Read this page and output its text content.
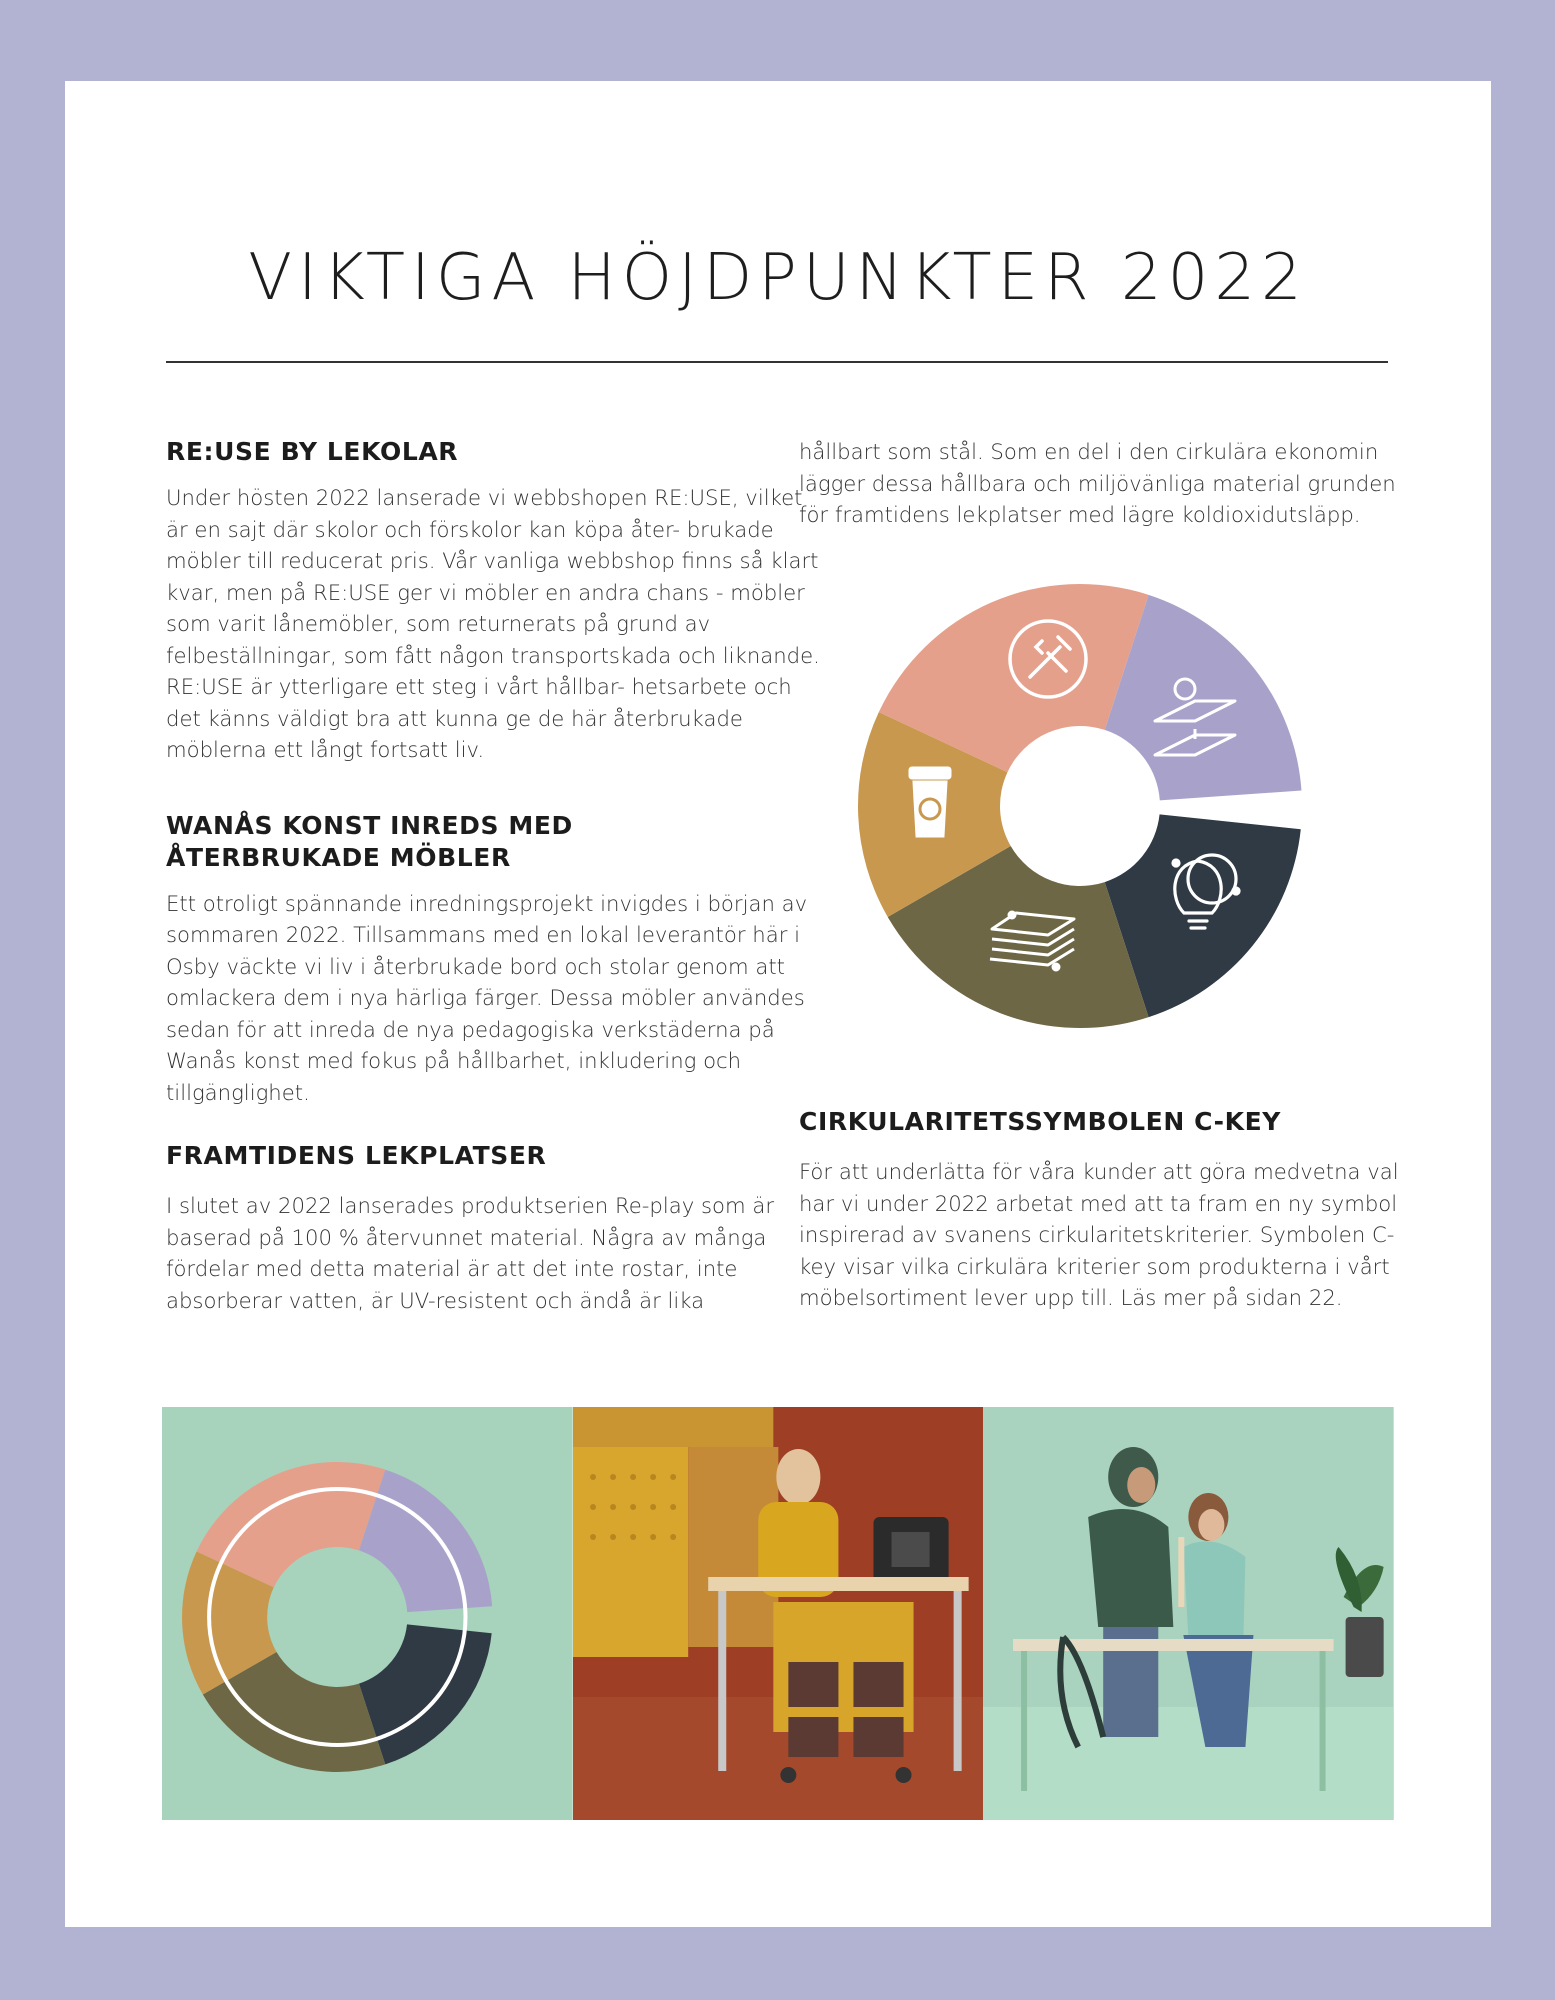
VIKTIGA HÖJDPUNKTER 2022
RE:USE BY LEKOLAR

Under hösten 2022 lanserade vi webbshopen RE:USE, vilket är en sajt där skolor och förskolor kan köpa åter- brukade möbler till reducerat pris. Vår vanliga webbshop finns så klart kvar, men på RE:USE ger vi möbler en andra chans - möbler som varit lånemöbler, som returnerats på grund av felbeställningar, som fått någon transportskada och liknande. RE:USE är ytterligare ett steg i vårt hållbar- hetsarbete och det känns väldigt bra att kunna ge de här återbrukade möblerna ett långt fortsatt liv.

WANÅS KONST INREDS MED ÅTERBRUKADE MÖBLER

Ett otroligt spännande inredningsprojekt invigdes i början av sommaren 2022. Tillsammans med en lokal leverantör här i Osby väckte vi liv i återbrukade bord och stolar genom att omlackera dem i nya härliga färger. Dessa möbler användes sedan för att inreda de nya pedagogiska verkstäderna på Wanås konst med fokus på hållbarhet, inkludering och tillgänglighet.

FRAMTIDENS LEKPLATSER

I slutet av 2022 lanserades produktserien Re-play som är baserad på 100 % återvunnet material. Några av många fördelar med detta material är att det inte rostar, inte absorberar vatten, är UV-resistent och ändå är lika

hållbart som stål. Som en del i den cirkulära ekonomin lägger dessa hållbara och miljövänliga material grunden för framtidens lekplatser med lägre koldioxidutsläpp.

CIRKULARITETSSYMBOLEN C-KEY

För att underlätta för våra kunder att göra medvetna val har vi under 2022 arbetat med att ta fram en ny symbol inspirerad av svanens cirkularitetskriterier. Symbolen C-key visar vilka cirkulära kriterier som produkterna i vårt möbelsortiment lever upp till. Läs mer på sidan 22.
